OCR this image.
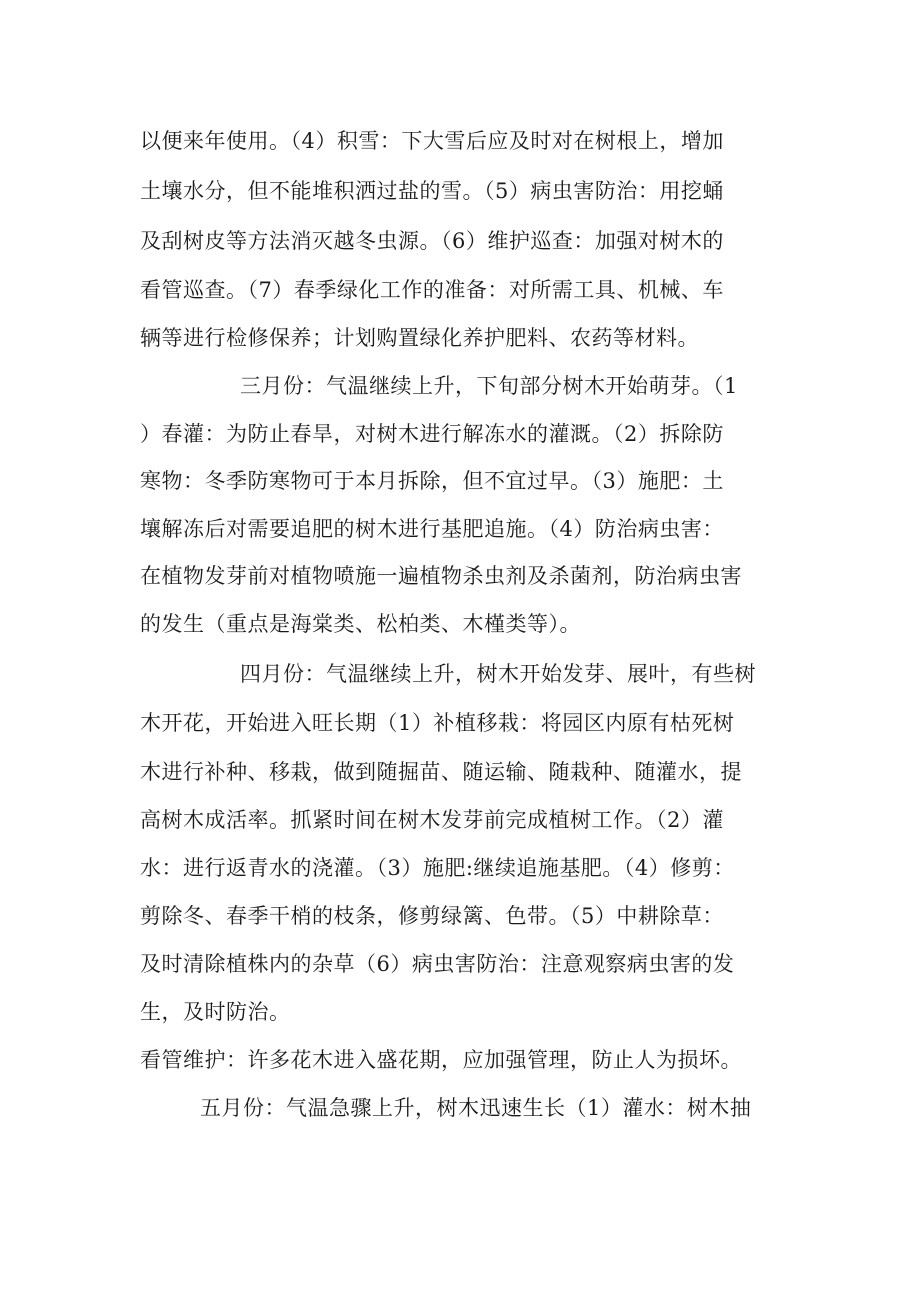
以便来年使用。（4）积雪：下大雪后应及时对在树根上，增加
土壤水分，但不能堆积洒过盐的雪。（5）病虫害防治：用挖蛹
及刮树皮等方法消灭越冬虫源。（6）维护巡查：加强对树木的
看管巡查。（7）春季绿化工作的准备：对所需工具、机械、车
辆等进行检修保养；计划购置绿化养护肥料、农药等材料。
三月份：气温继续上升，下旬部分树木开始萌芽。（1
）春灌：为防止春旱，对树木进行解冻水的灌溉。（2）拆除防
寒物：冬季防寒物可于本月拆除，但不宜过早。（3）施肥：土
壤解冻后对需要追肥的树木进行基肥追施。（4）防治病虫害：
在植物发芽前对植物喷施一遍植物杀虫剂及杀菌剂，防治病虫害
的发生（重点是海棠类、松柏类、木槿类等）。
四月份：气温继续上升，树木开始发芽、展叶，有些树
木开花，开始进入旺长期（1）补植移栽：将园区内原有枯死树
木进行补种、移栽，做到随掘苗、随运输、随栽种、随灌水，提
高树木成活率。抓紧时间在树木发芽前完成植树工作。（2）灌
水：进行返青水的浇灌。（3）施肥:继续追施基肥。（4）修剪：
剪除冬、春季干梢的枝条，修剪绿篱、色带。（5）中耕除草：
及时清除植株内的杂草（6）病虫害防治：注意观察病虫害的发
生，及时防治。
看管维护：许多花木进入盛花期，应加强管理，防止人为损坏。
五月份：气温急骤上升，树木迅速生长（1）灌水：树木抽
